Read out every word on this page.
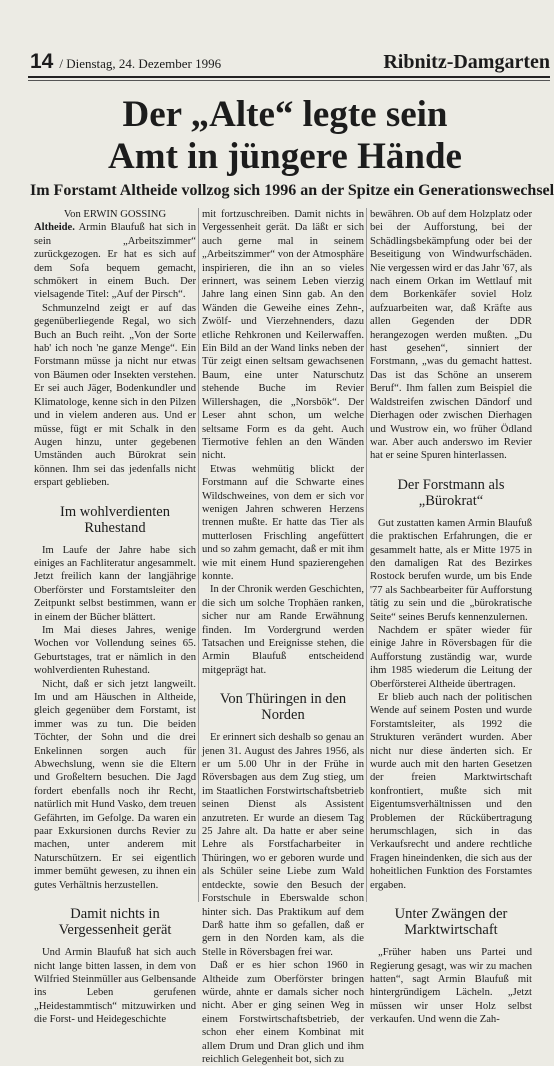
14 / Dienstag, 24. Dezember 1996	Ribnitz-Damgarten
Der „Alte“ legte sein
Amt in jüngere Hände
Im Forstamt Altheide vollzog sich 1996 an der Spitze ein Generationswechsel

Von ERWIN GOSSING

Altheide. Armin Blaufuß hat sich in sein „Arbeitszimmer“ zurückgezogen. Er hat es sich auf dem Sofa bequem gemacht, schmökert in einem Buch. Der vielsagende Titel: „Auf der Pirsch“.

Schmunzelnd zeigt er auf das gegenüberliegende Regal, wo sich Buch an Buch reiht. „Von der Sorte hab' ich noch 'ne ganze Menge“. Ein Forstmann müsse ja nicht nur etwas von Bäumen oder Insekten verstehen. Er sei auch Jäger, Bodenkundler und Klimatologe, kenne sich in den Pilzen und in vielem anderen aus. Und er müsse, fügt er mit Schalk in den Augen hinzu, unter gegebenen Umständen auch Bürokrat sein können. Ihm sei das jedenfalls nicht erspart geblieben.

Im wohlverdienten Ruhestand

Im Laufe der Jahre habe sich einiges an Fachliteratur angesammelt. Jetzt freilich kann der langjährige Oberförster und Forstamtsleiter den Zeitpunkt selbst bestimmen, wann er in einem der Bücher blättert.

Im Mai dieses Jahres, wenige Wochen vor Vollendung seines 65. Geburtstages, trat er nämlich in den wohlverdienten Ruhestand.

Nicht, daß er sich jetzt langweilt. Im und am Häuschen in Altheide, gleich gegenüber dem Forstamt, ist immer was zu tun. Die beiden Töchter, der Sohn und die drei Enkelinnen sorgen auch für Abwechslung, wenn sie die Eltern und Großeltern besuchen. Die Jagd fordert ebenfalls noch ihr Recht, natürlich mit Hund Vasko, dem treuen Gefährten, im Gefolge. Da waren ein paar Exkursionen durchs Revier zu machen, unter anderem mit Naturschützern. Er sei eigentlich immer bemüht gewesen, zu ihnen ein gutes Verhältnis herzustellen.

Damit nichts in Vergessenheit gerät

Und Armin Blaufuß hat sich auch nicht lange bitten lassen, in dem von Wilfried Steinmüller aus Gelbensande ins Leben gerufenen „Heidestammtisch“ mitzuwirken und die Forst- und Heidegeschichte

mit fortzuschreiben. Damit nichts in Vergessenheit gerät. Da läßt er sich auch gerne mal in seinem „Arbeitszimmer“ von der Atmosphäre inspirieren, die ihn an so vieles erinnert, was seinem Leben vierzig Jahre lang einen Sinn gab. An den Wänden die Geweihe eines Zehn-, Zwölf- und Vierzehnenders, dazu etliche Rehkronen und Keilerwaffen. Ein Bild an der Wand links neben der Tür zeigt einen seltsam gewachsenen Baum, eine unter Naturschutz stehende Buche im Revier Willershagen, die „Norsbök“. Der Leser ahnt schon, um welche seltsame Form es da geht. Auch Tiermotive fehlen an den Wänden nicht.

Etwas wehmütig blickt der Forstmann auf die Schwarte eines Wildschweines, von dem er sich vor wenigen Jahren schweren Herzens trennen mußte. Er hatte das Tier als mutterlosen Frischling angefüttert und so zahm gemacht, daß er mit ihm wie mit einem Hund spazierengehen konnte.

In der Chronik werden Geschichten, die sich um solche Trophäen ranken, sicher nur am Rande Erwähnung finden. Im Vordergrund werden Tatsachen und Ereignisse stehen, die Armin Blaufuß entscheidend mitgeprägt hat.

Von Thüringen in den Norden

Er erinnert sich deshalb so genau an jenen 31. August des Jahres 1956, als er um 5.00 Uhr in der Frühe in Röversbagen aus dem Zug stieg, um im Staatlichen Forstwirtschaftsbetrieb seinen Dienst als Assistent anzutreten. Er wurde an diesem Tag 25 Jahre alt. Da hatte er aber seine Lehre als Forstfacharbeiter in Thüringen, wo er geboren wurde und als Schüler seine Liebe zum Wald entdeckte, sowie den Besuch der Forstschule in Eberswalde schon hinter sich. Das Praktikum auf dem Darß hatte ihm so gefallen, daß er gern in den Norden kam, als die Stelle in Röversbagen frei war.

Daß er es hier schon 1960 in Altheide zum Oberförster bringen würde, ahnte er damals sicher noch nicht. Aber er ging seinen Weg in einem Forstwirtschaftsbetrieb, der schon eher einem Kombinat mit allem Drum und Dran glich und ihm reichlich Gelegenheit bot, sich zu

bewähren. Ob auf dem Holzplatz oder bei der Aufforstung, bei der Schädlingsbekämpfung oder bei der Beseitigung von Windwurfschäden. Nie vergessen wird er das Jahr '67, als nach einem Orkan im Wettlauf mit dem Borkenkäfer soviel Holz aufzuarbeiten war, daß Kräfte aus allen Gegenden der DDR herangezogen werden mußten. „Du hast gesehen“, sinniert der Forstmann, „was du gemacht hattest. Das ist das Schöne an unserem Beruf“. Ihm fallen zum Beispiel die Waldstreifen zwischen Dändorf und Dierhagen oder zwischen Dierhagen und Wustrow ein, wo früher Ödland war. Aber auch anderswo im Revier hat er seine Spuren hinterlassen.

Der Forstmann als „Bürokrat“

Gut zustatten kamen Armin Blaufuß die praktischen Erfahrungen, die er gesammelt hatte, als er Mitte 1975 in den damaligen Rat des Bezirkes Rostock berufen wurde, um bis Ende '77 als Sachbearbeiter für Aufforstung tätig zu sein und die „bürokratische Seite“ seines Berufs kennenzulernen.

Nachdem er später wieder für einige Jahre in Röversbagen für die Aufforstung zuständig war, wurde ihm 1985 wiederum die Leitung der Oberförsterei Altheide übertragen.

Er blieb auch nach der politischen Wende auf seinem Posten und wurde Forstamtsleiter, als 1992 die Strukturen verändert wurden. Aber nicht nur diese änderten sich. Er wurde auch mit den harten Gesetzen der freien Marktwirtschaft konfrontiert, mußte sich mit Eigentumsverhältnissen und den Problemen der Rückübertragung herumschlagen, sich in das Verkaufsrecht und andere rechtliche Fragen hineindenken, die sich aus der hoheitlichen Funktion des Forstamtes ergaben.

Unter Zwängen der Marktwirtschaft

„Früher haben uns Partei und Regierung gesagt, was wir zu machen hatten“, sagt Armin Blaufuß mit hintergründigem Lächeln. „Jetzt müssen wir unser Holz selbst verkaufen. Und wenn die Zah-
